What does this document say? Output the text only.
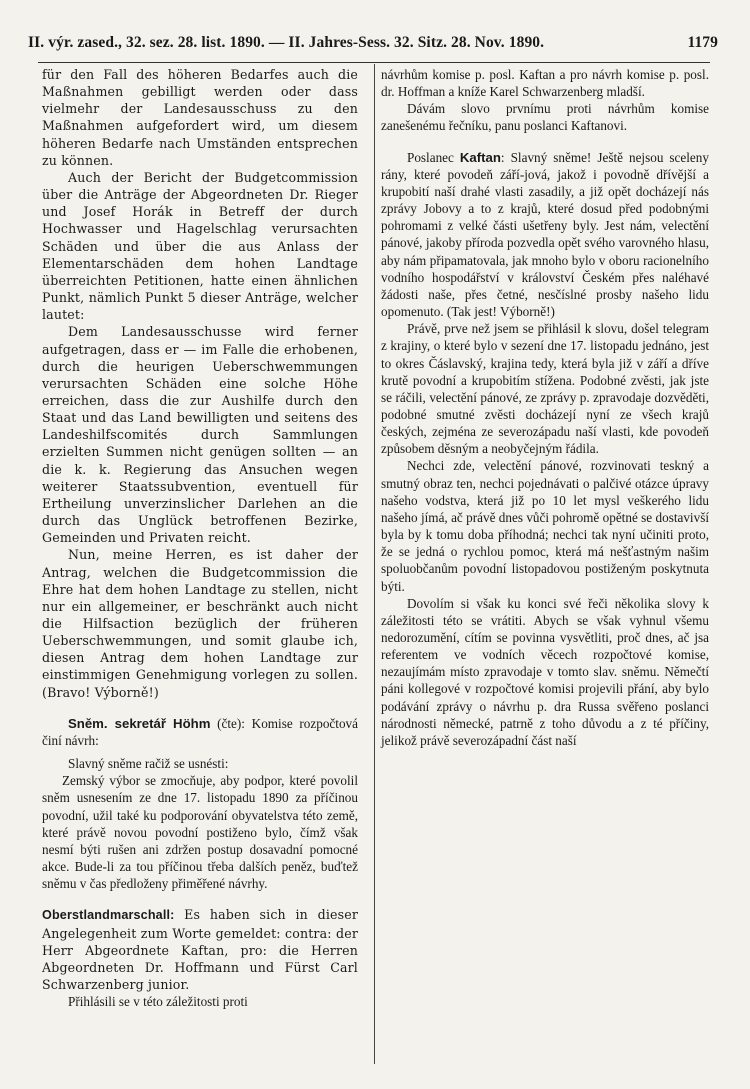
II. výr. zased., 32. sez. 28. list. 1890. — II. Jahres-Sess. 32. Sitz. 28. Nov. 1890.	1179

für den Fall des höheren Bedarfes auch die Maßnahmen gebilligt werden oder dass vielmehr der Landesausschuss zu den Maßnahmen aufgefordert wird, um diesem höheren Bedarfe nach Umständen entsprechen zu können.

Auch der Bericht der Budgetcommission über die Anträge der Abgeordneten Dr. Rieger und Josef Horák in Betreff der durch Hochwasser und Hagelschlag verursachten Schäden und über die aus Anlass der Elementarschäden dem hohen Landtage überreichten Petitionen, hatte einen ähnlichen Punkt, nämlich Punkt 5 dieser Anträge, welcher lautet:

Dem Landesausschusse wird ferner aufgetragen, dass er — im Falle die erhobenen, durch die heurigen Ueberschwemmungen verursachten Schäden eine solche Höhe erreichen, dass die zur Aushilfe durch den Staat und das Land bewilligten und seitens des Landeshilfscomités durch Sammlungen erzielten Summen nicht genügen sollten — an die k. k. Regierung das Ansuchen wegen weiterer Staatssubvention, eventuell für Ertheilung unverzinslicher Darlehen an die durch das Unglück betroffenen Bezirke, Gemeinden und Privaten reicht.

Nun, meine Herren, es ist daher der Antrag, welchen die Budgetcommission die Ehre hat dem hohen Landtage zu stellen, nicht nur ein allgemeiner, er beschränkt auch nicht die Hilfsaction bezüglich der früheren Ueberschwemmungen, und somit glaube ich, diesen Antrag dem hohen Landtage zur einstimmigen Genehmigung vorlegen zu sollen. (Bravo! Výborně!)

Sněm. sekretář Höhm (čte): Komise rozpočtová činí návrh:

Slavný sněme račiž se usnésti:

Zemský výbor se zmocňuje, aby podpor, které povolil sněm usnesením ze dne 17. listopadu 1890 za příčinou povodní, užil také ku podporování obyvatelstva této země, které právě novou povodní postiženo bylo, čímž však nesmí býti rušen ani zdržen postup dosavadní pomocné akce. Bude-li za tou příčinou třeba dalších peněz, buďtež sněmu v čas předloženy přiměřené návrhy.

Oberstlandmarschall: Es haben sich in dieser Angelegenheit zum Worte gemeldet: contra: der Herr Abgeordnete Kaftan, pro: die Herren Abgeordneten Dr. Hoffmann und Fürst Carl Schwarzenberg junior.

Přihlásili se v této záležitosti proti

návrhům komise p. posl. Kaftan a pro návrh komise p. posl. dr. Hoffman a kníže Karel Schwarzenberg mladší.

Dávám slovo prvnímu proti návrhům komise zanešenému řečníku, panu poslanci Kaftanovi.

Poslanec Kaftan: Slavný sněme! Ještě nejsou sceleny rány, které povodeň září-jová, jakož i povodně dřívější a krupobití naší drahé vlasti zasadily, a již opět docházejí nás zprávy Jobovy a to z krajů, které dosud před podobnými pohromami z velké části ušetřeny byly. Jest nám, velectění pánové, jakoby příroda pozvedla opět svého varovného hlasu, aby nám připamatovala, jak mnoho bylo v oboru racionelního vodního hospodářství v království Českém přes naléhavé žádosti naše, přes četné, nesčíslné prosby našeho lidu opomenuto. (Tak jest! Výborně!)

Právě, prve než jsem se přihlásil k slovu, došel telegram z krajiny, o které bylo v sezení dne 17. listopadu jednáno, jest to okres Čáslavský, krajina tedy, která byla již v září a dříve krutě povodní a krupobitím stížena. Podobné zvěsti, jak jste se ráčili, velectění pánové, ze zprávy p. zpravodaje dozvěděti, podobné smutné zvěsti docházejí nyní ze všech krajů českých, zejména ze severozápadu naší vlasti, kde povodeň způsobem děsným a neobyčejným řádila.

Nechci zde, velectění pánové, rozvinovati teskný a smutný obraz ten, nechci pojednávati o palčivé otázce úpravy našeho vodstva, která již po 10 let mysl veškerého lidu našeho jímá, ač právě dnes vůči pohromě opětné se dostavivší byla by k tomu doba příhodná; nechci tak nyní učiniti proto, že se jedná o rychlou pomoc, která má nešťastným našim spoluobčanům povodní listopadovou postiženým poskytnuta býti.

Dovolím si však ku konci své řeči několika slovy k záležitosti této se vrátiti. Abych se však vyhnul všemu nedorozumění, cítím se povinna vysvětliti, proč dnes, ač jsa referentem ve vodních věcech rozpočtové komise, nezaujímám místo zpravodaje v tomto slav. sněmu. Němečtí páni kollegové v rozpočtové komisi projevili přání, aby bylo podávání zprávy o návrhu p. dra Russa svěřeno poslanci národnosti německé, patrně z toho důvodu a z té příčiny, jelikož právě severozápadní část naší
